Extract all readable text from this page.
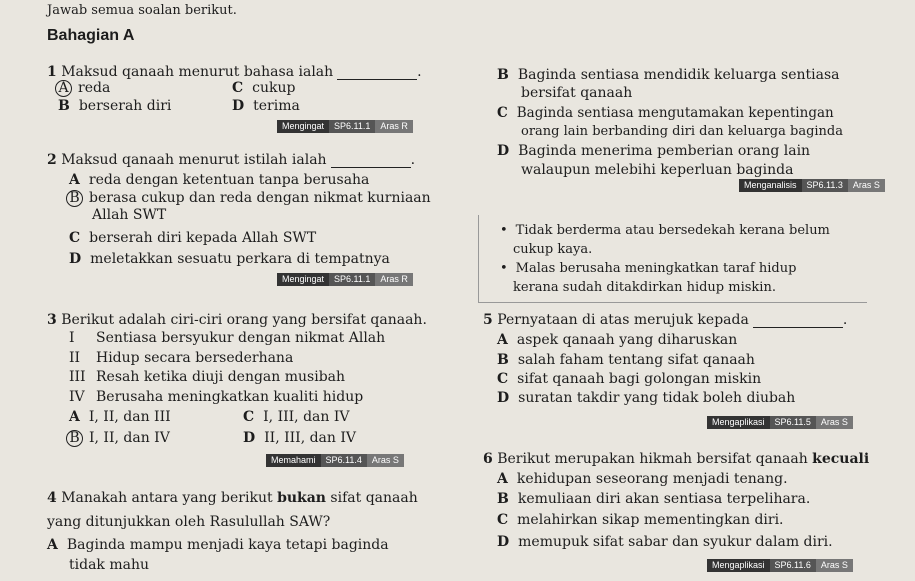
Jawab semua soalan berikut.
Bahagian A
1 Maksud qanaah menurut bahasa ialah	.
A reda	C cukup
B berserah diri	D terima
Mengingat	SP6.11.1	Aras R
2 Maksud qanaah menurut istilah ialah	.
A reda dengan ketentuan tanpa berusaha
B berasa cukup dan reda dengan nikmat kurniaan
Allah SWT
C berserah diri kepada Allah SWT
D meletakkan sesuatu perkara di tempatnya
Mengingat	SP6.11.1	Aras R
3 Berikut adalah ciri-ciri orang yang bersifat qanaah.
I Sentiasa bersyukur dengan nikmat Allah
II Hidup secara bersederhana
III Resah ketika diuji dengan musibah
IV Berusaha meningkatkan kualiti hidup
A I, II, dan III	C I, III, dan IV
B I, II, dan IV	D II, III, dan IV
Memahami	SP6.11.4	Aras S
4 Manakah antara yang berikut bukan sifat qanaah
yang ditunjukkan oleh Rasulullah SAW?
A Baginda mampu menjadi kaya tetapi baginda
tidak mahu
B Baginda sentiasa mendidik keluarga sentiasa
bersifat qanaah
C Baginda sentiasa mengutamakan kepentingan
orang lain berbanding diri dan keluarga baginda
D Baginda menerima pemberian orang lain
walaupun melebihi keperluan baginda
Menganalisis	SP6.11.3	Aras S
• Tidak berderma atau bersedekah kerana belum
cukup kaya.
• Malas berusaha meningkatkan taraf hidup
kerana sudah ditakdirkan hidup miskin.
5 Pernyataan di atas merujuk kepada	.
A aspek qanaah yang diharuskan
B salah faham tentang sifat qanaah
C sifat qanaah bagi golongan miskin
D suratan takdir yang tidak boleh diubah
Mengaplikasi	SP6.11.5	Aras S
6 Berikut merupakan hikmah bersifat qanaah kecuali
A kehidupan seseorang menjadi tenang.
B kemuliaan diri akan sentiasa terpelihara.
C melahirkan sikap mementingkan diri.
D memupuk sifat sabar dan syukur dalam diri.
Mengaplikasi	SP6.11.6	Aras S
